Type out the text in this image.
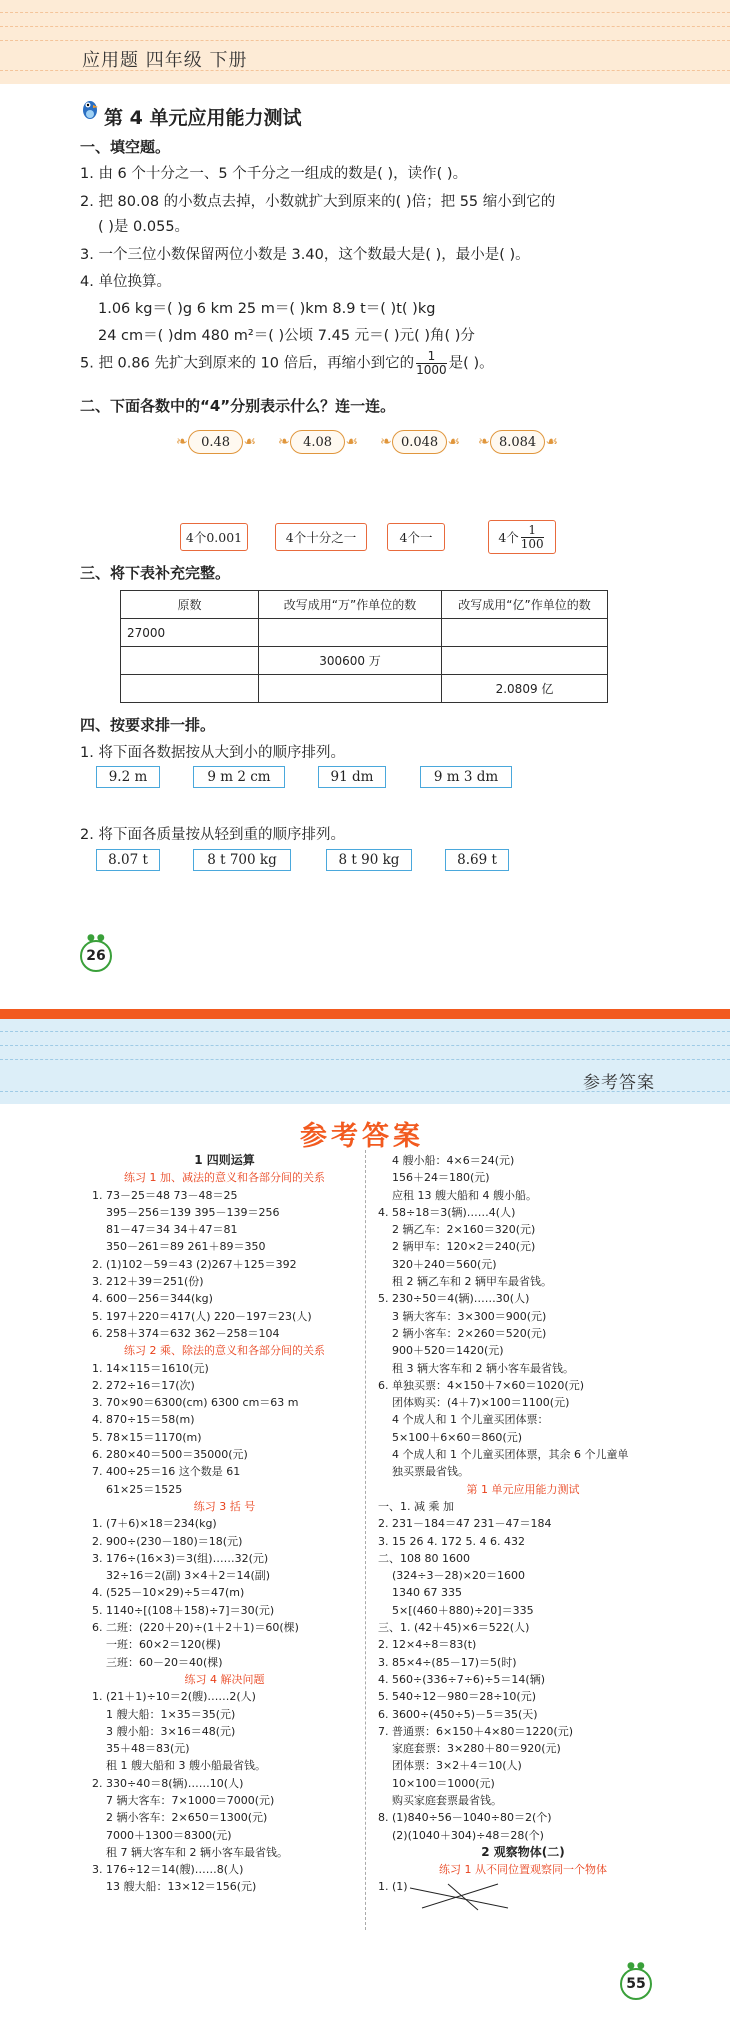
应用题 四年级 下册
第 4 单元应用能力测试
一、填空题。
1. 由 6 个十分之一、5 个千分之一组成的数是( )，读作( )。
2. 把 80.08 的小数点去掉，小数就扩大到原来的( )倍；把 55 缩小到它的
( )是 0.055。
3. 一个三位小数保留两位小数是 3.40，这个数最大是( )，最小是( )。
4. 单位换算。
1.06 kg＝( )g 6 km 25 m＝( )km 8.9 t＝( )t( )kg
24 cm＝( )dm 480 m²＝( )公顷 7.45 元＝( )元( )角( )分
5. 把 0.86 先扩大到原来的 10 倍后，再缩小到它的 $\frac{1}{1000}$ 是( )。
二、下面各数中的“4”分别表示什么？连一连。
❧	0.48 ☙ ❧	4.08 ☙ ❧ 0.048 ☙ ❧ 8.084 ☙
4个0.001	4个十分之一	4个一	4个 $\frac{1}{100}$
三、将下表补充完整。
原数	改写成用“万”作单位的数	改写成用“亿”作单位的数
27000		
	300600 万	
		2.0809 亿
四、按要求排一排。
1. 将下面各数据按从大到小的顺序排列。
9.2 m	9 m 2 cm	91 dm	9 m 3 dm
2. 将下面各质量按从轻到重的顺序排列。
8.07 t	8 t 700 kg	8 t 90 kg	8.69 t
●●
26
参考答案
参考答案
1 四则运算
练习 1 加、减法的意义和各部分间的关系
1. 73－25＝48 73－48＝25
395－256＝139 395－139＝256
81－47＝34 34＋47＝81
350－261＝89 261＋89＝350
2. (1)102－59＝43 (2)267＋125＝392
3. 212＋39＝251(份)
4. 600－256＝344(kg)
5. 197＋220＝417(人) 220－197＝23(人)
6. 258＋374＝632 362－258＝104
练习 2 乘、除法的意义和各部分间的关系
1. 14×115＝1610(元)
2. 272÷16＝17(次)
3. 70×90＝6300(cm) 6300 cm＝63 m
4. 870÷15＝58(m)
5. 78×15＝1170(m)
6. 280×40＝500＝35000(元)
7. 400÷25＝16 这个数是 61
61×25＝1525
练习 3 括 号
1. (7＋6)×18＝234(kg)
2. 900÷(230－180)＝18(元)
3. 176÷(16×3)＝3(组)……32(元)
32÷16＝2(副) 3×4＋2＝14(副)
4. (525－10×29)÷5＝47(m)
5. 1140÷[(108＋158)÷7]＝30(元)
6. 二班：(220＋20)÷(1＋2＋1)＝60(棵)
一班：60×2＝120(棵)
三班：60－20＝40(棵)
练习 4 解决问题
1. (21＋1)÷10＝2(艘)……2(人)
1 艘大船：1×35＝35(元)
3 艘小船：3×16＝48(元)
35＋48＝83(元)
租 1 艘大船和 3 艘小船最省钱。
2. 330÷40＝8(辆)……10(人)
7 辆大客车：7×1000＝7000(元)
2 辆小客车：2×650＝1300(元)
7000＋1300＝8300(元)
租 7 辆大客车和 2 辆小客车最省钱。
3. 176÷12＝14(艘)……8(人)
13 艘大船：13×12＝156(元)
4 艘小船：4×6＝24(元)
156＋24＝180(元)
应租 13 艘大船和 4 艘小船。
4. 58÷18＝3(辆)……4(人)
2 辆乙车：2×160＝320(元)
2 辆甲车：120×2＝240(元)
320＋240＝560(元)
租 2 辆乙车和 2 辆甲车最省钱。
5. 230÷50＝4(辆)……30(人)
3 辆大客车：3×300＝900(元)
2 辆小客车：2×260＝520(元)
900＋520＝1420(元)
租 3 辆大客车和 2 辆小客车最省钱。
6. 单独买票：4×150＋7×60＝1020(元)
团体购买：(4＋7)×100＝1100(元)
4 个成人和 1 个儿童买团体票：
5×100＋6×60＝860(元)
4 个成人和 1 个儿童买团体票，其余 6 个儿童单
独买票最省钱。
第 1 单元应用能力测试
一、1. 减 乘 加
2. 231－184＝47 231－47＝184
3. 15 26 4. 172 5. 4 6. 432
二、108 80 1600
(324÷3－28)×20＝1600
1340 67 335
5×[(460＋880)÷20]＝335
三、1. (42＋45)×6＝522(人)
2. 12×4÷8＝83(t)
3. 85×4÷(85－17)＝5(时)
4. 560÷(336÷7÷6)÷5＝14(辆)
5. 540÷12－980＝28÷10(元)
6. 3600÷(450÷5)－5＝35(天)
7. 普通票：6×150＋4×80＝1220(元)
家庭套票：3×280＋80＝920(元)
团体票：3×2＋4＝10(人)
10×100＝1000(元)
购买家庭套票最省钱。
8. (1)840÷56－1040÷80＝2(个)
(2)(1040＋304)÷48＝28(个)
2 观察物体(二)
练习 1 从不同位置观察同一个物体
1. (1)
●●
55
